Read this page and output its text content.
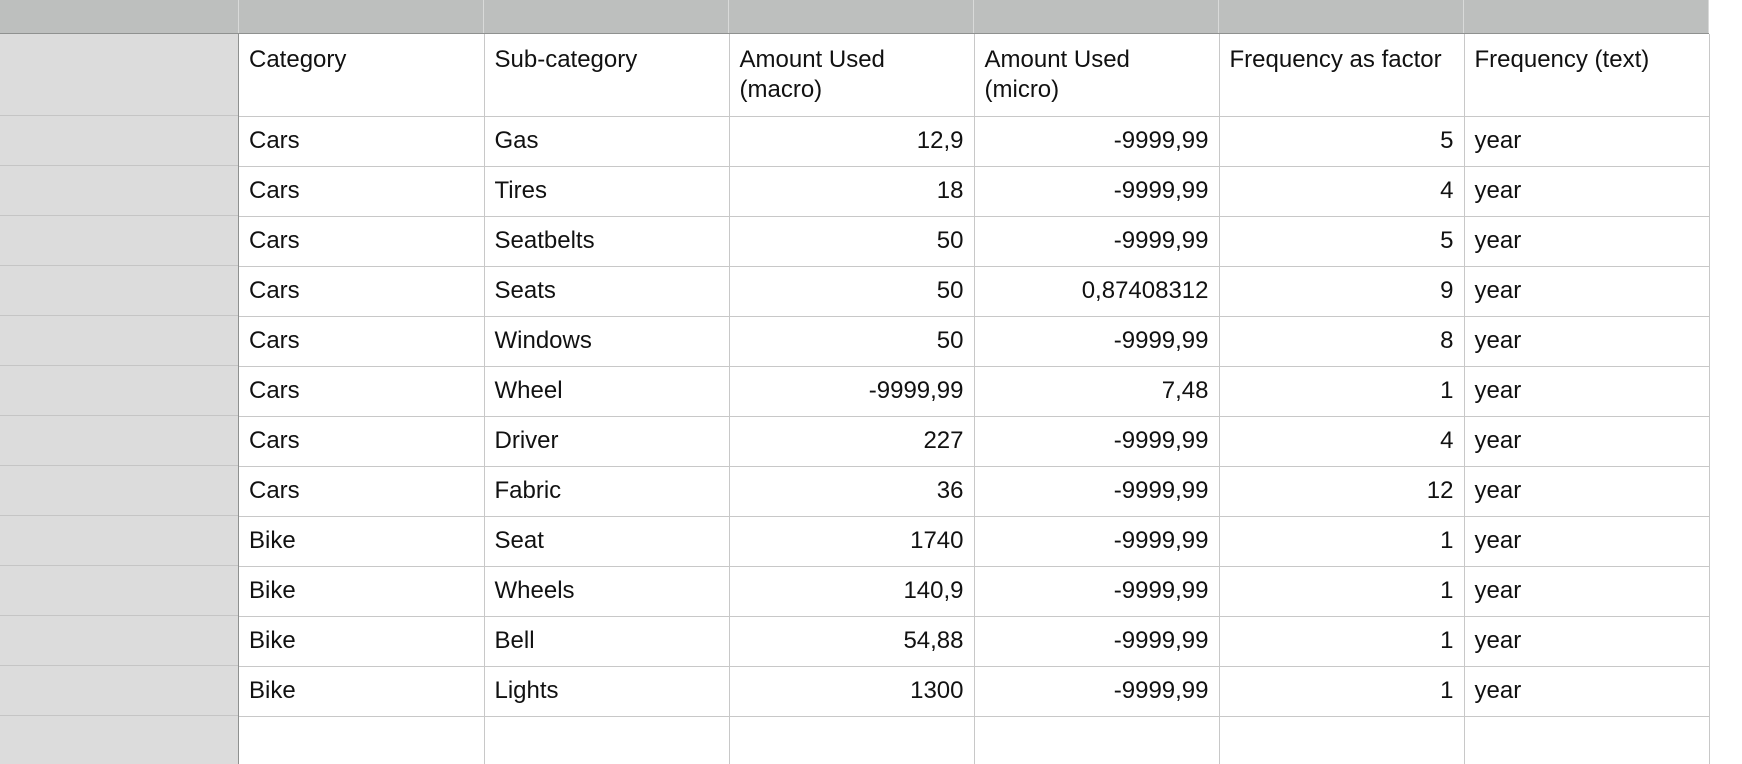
Category	Sub-category	Amount Used (macro)	Amount Used (micro)	Frequency as factor	Frequency (text)
Cars	Gas	12,9	-9999,99	5	year
Cars	Tires	18	-9999,99	4	year
Cars	Seatbelts	50	-9999,99	5	year
Cars	Seats	50	0,87408312	9	year
Cars	Windows	50	-9999,99	8	year
Cars	Wheel	-9999,99	7,48	1	year
Cars	Driver	227	-9999,99	4	year
Cars	Fabric	36	-9999,99	12	year
Bike	Seat	1740	-9999,99	1	year
Bike	Wheels	140,9	-9999,99	1	year
Bike	Bell	54,88	-9999,99	1	year
Bike	Lights	1300	-9999,99	1	year
